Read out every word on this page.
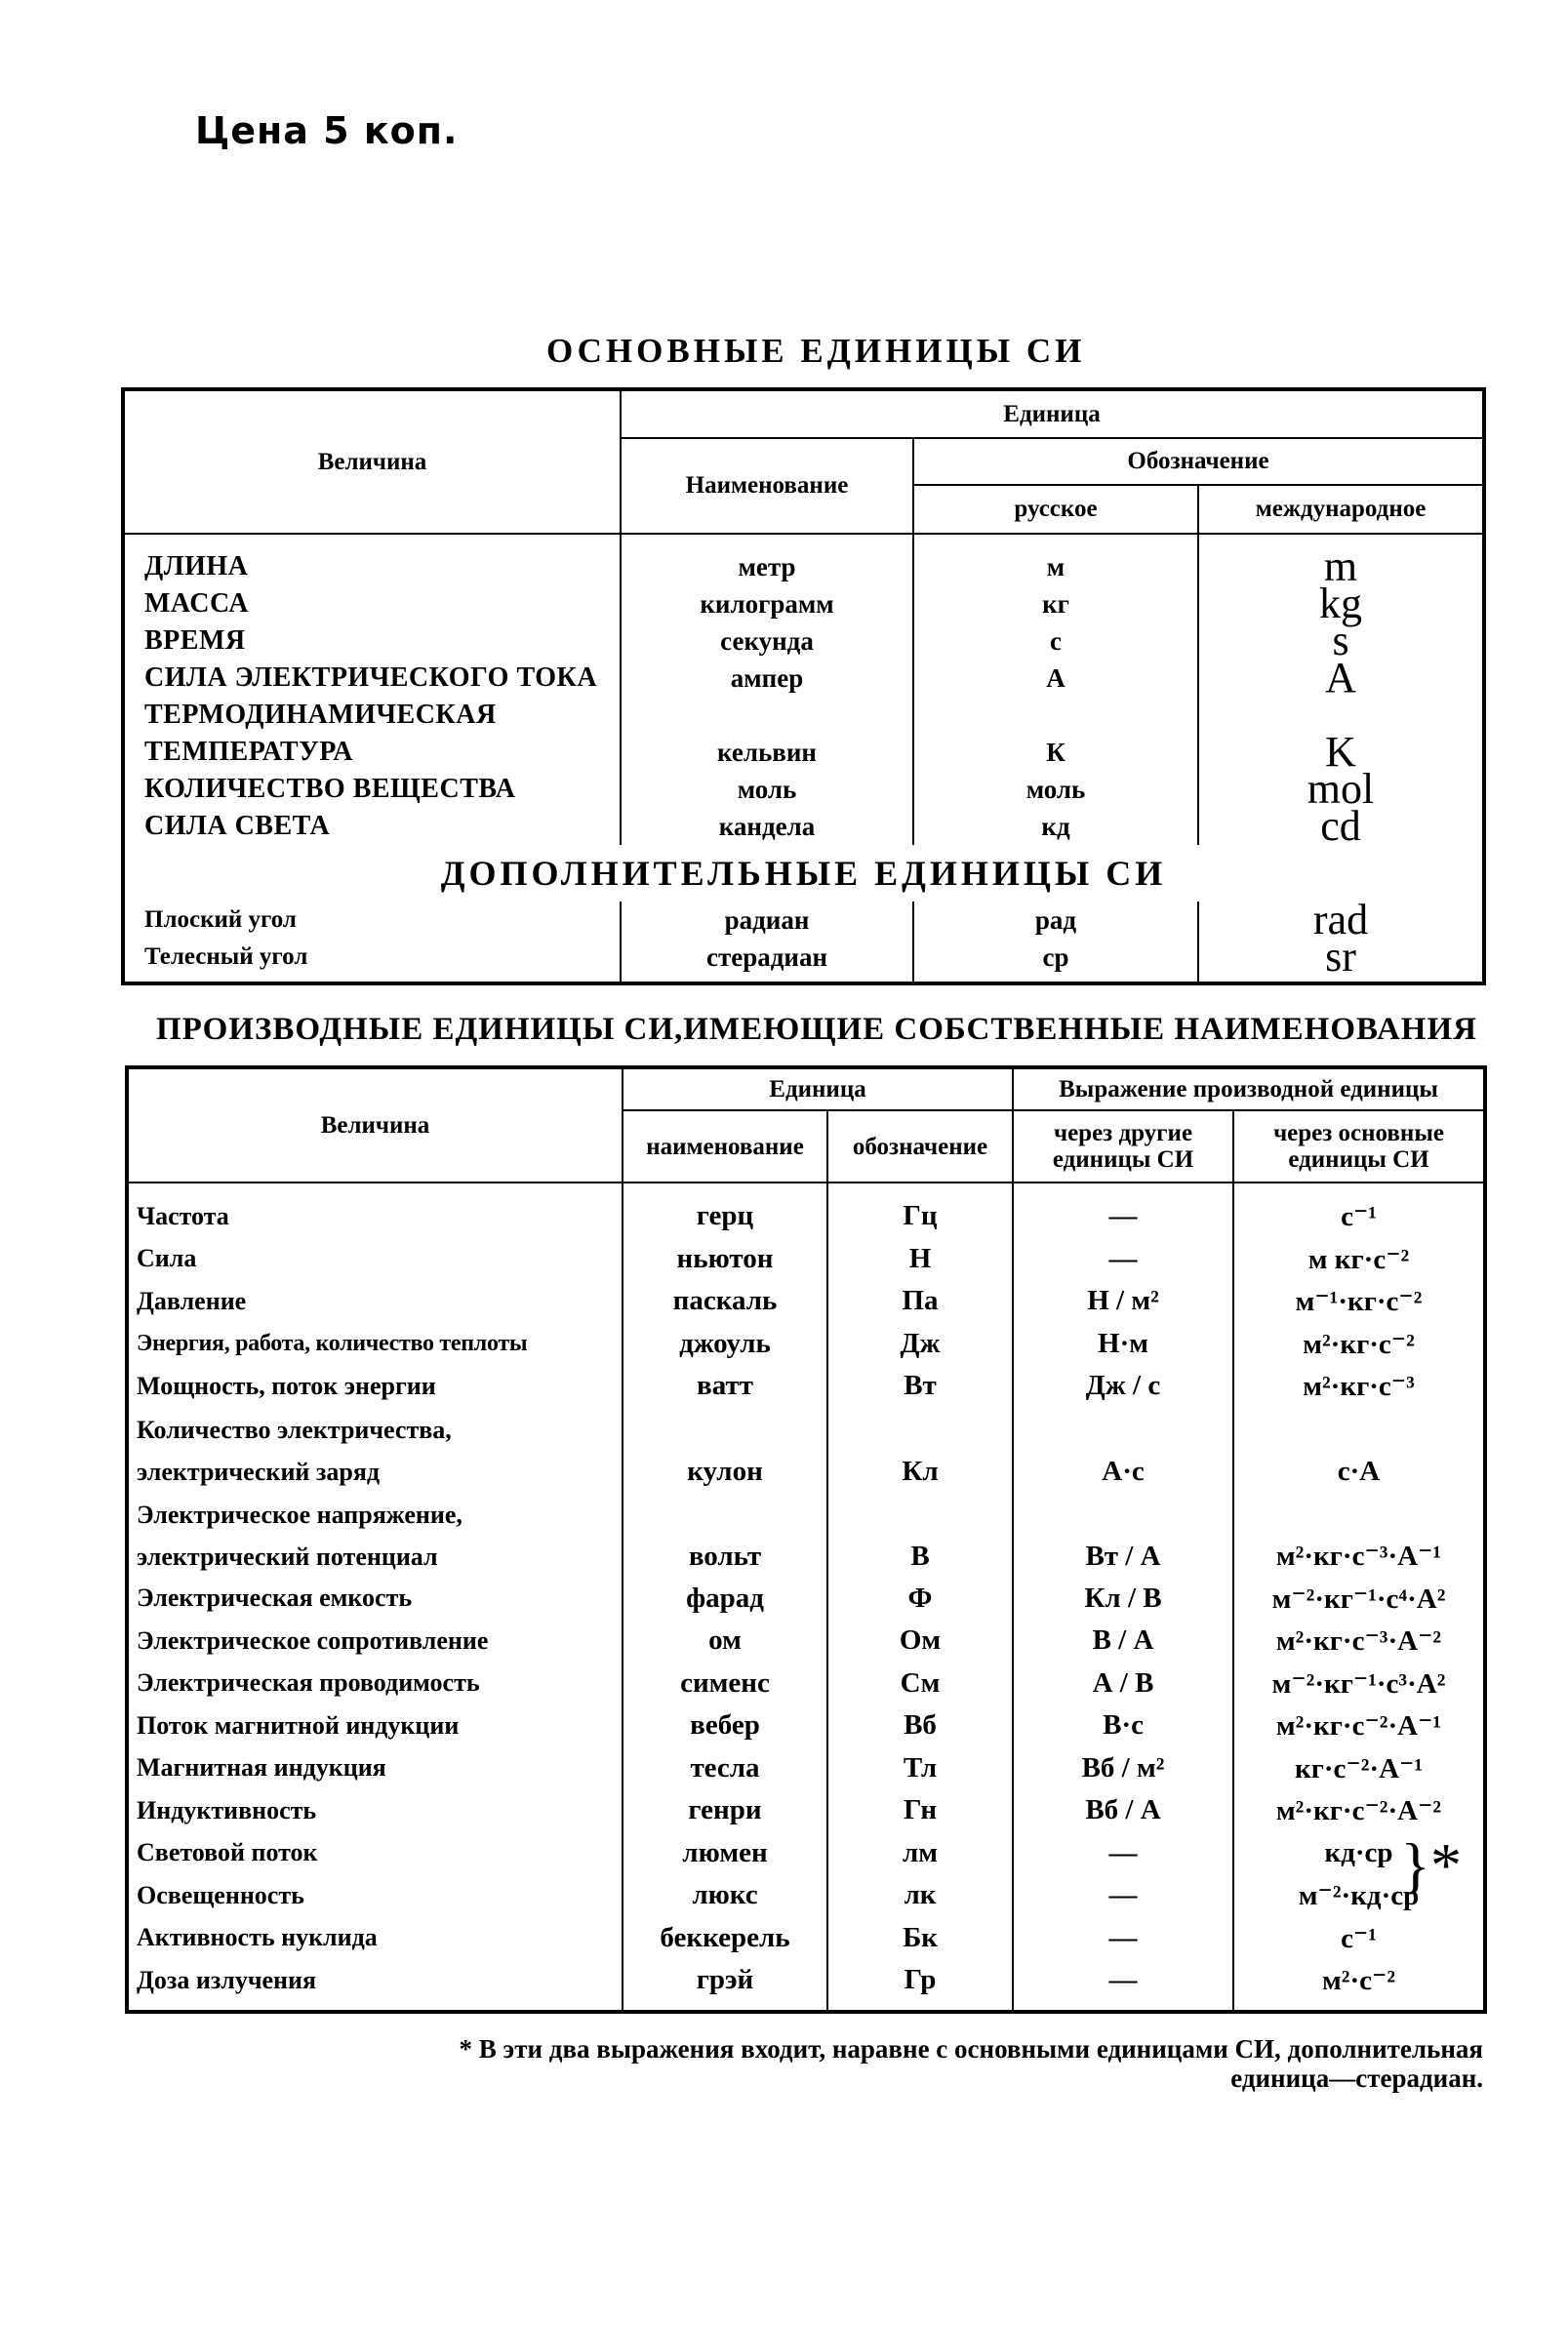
Цена 5 коп.
ОСНОВНЫЕ ЕДИНИЦЫ СИ
Величина	Единица		
	Наименование	Обозначение	
		русское	международное
ДЛИНА	метр	м	m
МАССА	килограмм	кг	kg
ВРЕМЯ	секунда	с	s
СИЛА ЭЛЕКТРИЧЕСКОГО ТОКА	ампер	А	A
ТЕРМОДИНАМИЧЕСКАЯ			
ТЕМПЕРАТУРА	кельвин	К	K
КОЛИЧЕСТВО ВЕЩЕСТВА	моль	моль	mol
СИЛА СВЕТА	кандела	кд	cd
ДОПОЛНИТЕЛЬНЫЕ ЕДИНИЦЫ СИ			
Плоский угол	радиан	рад	rad
Телесный угол	стерадиан	ср	sr
ПРОИЗВОДНЫЕ ЕДИНИЦЫ СИ,ИМЕЮЩИЕ СОБСТВЕННЫЕ НАИМЕНОВАНИЯ
Величина	Единица		Выражение производной единицы	
	наименование	обозначение	через другие единицы СИ	через основные единицы СИ
Частота	герц	Гц	—	с⁻¹
Сила	ньютон	Н	—	м кг·с⁻²
Давление	паскаль	Па	Н / м²	м⁻¹·кг·с⁻²
Энергия, работа, количество теплоты	джоуль	Дж	Н·м	м²·кг·с⁻²
Мощность, поток энергии	ватт	Вт	Дж / с	м²·кг·с⁻³

Количество электричества,
электрический заряд	кулон	Кл	А·с	с·А

Электрическое напряжение,
электрический потенциал	вольт	В	Вт / А	м²·кг·с⁻³·А⁻¹
Электрическая емкость	фарад	Ф	Кл / В	м⁻²·кг⁻¹·с⁴·А²
Электрическое сопротивление	ом	Ом	В / А	м²·кг·с⁻³·А⁻²
Электрическая проводимость	сименс	См	А / В	м⁻²·кг⁻¹·с³·А²
Поток магнитной индукции	вебер	Вб	В·с	м²·кг·с⁻²·А⁻¹
Магнитная индукция	тесла	Тл	Вб / м²	кг·с⁻²·А⁻¹
Индуктивность	генри	Гн	Вб / А	м²·кг·с⁻²·А⁻²
Световой поток	люмен	лм	—	кд·ср }*

Освещенность	люкс	лк	—	м⁻²·кд·ср
Активность нуклида	беккерель	Бк	—	с⁻¹
Доза излучения	грэй	Гр	—	м²·с⁻²
* В эти два выражения входит, наравне с основными единицами СИ, дополнительная
единица—стерадиан.
